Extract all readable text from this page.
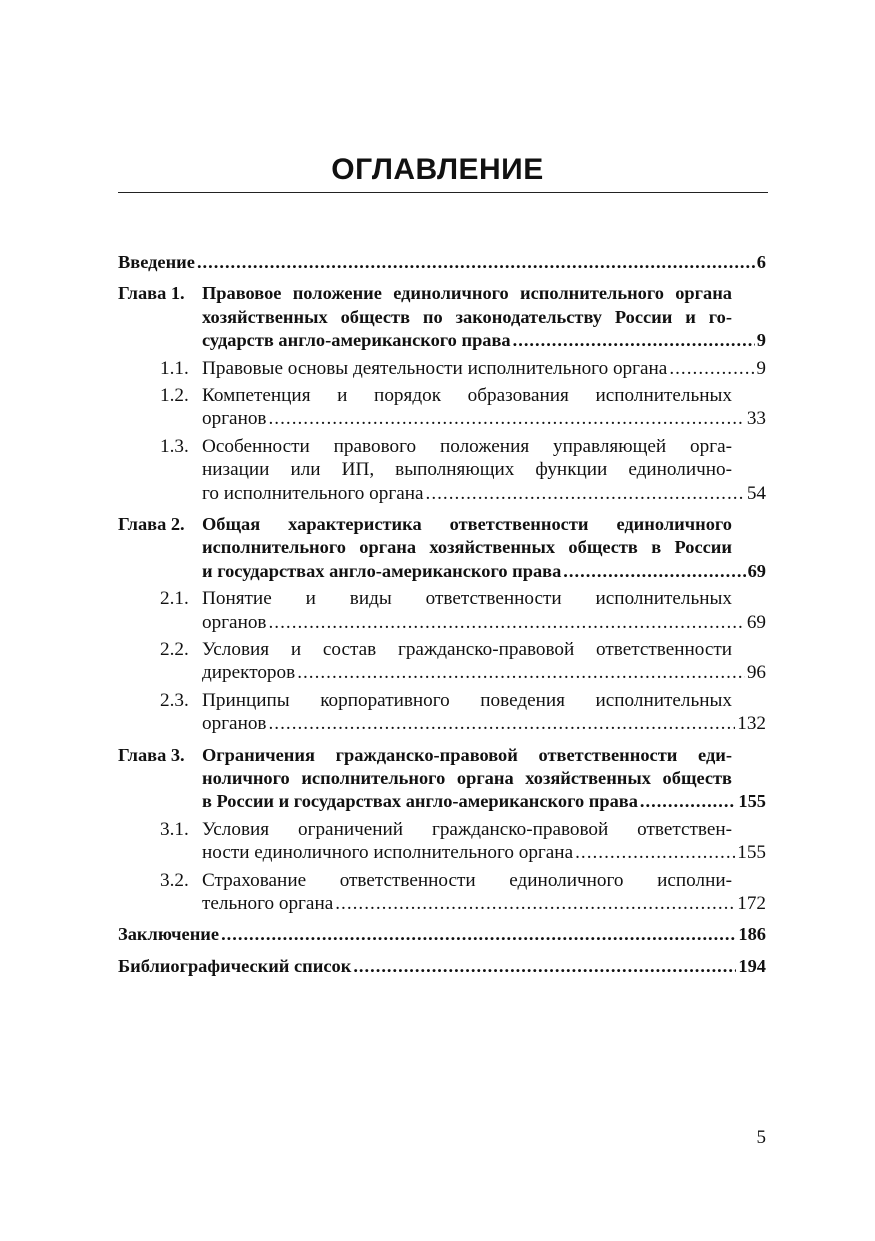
ОГЛАВЛЕНИЕ
Введение .....	6
Глава 1. Правовое положение единоличного исполнительного органа
хозяйственных обществ по законодательству России и го-
сударств англо-американского права .....	9
1.1. Правовые основы деятельности исполнительного органа .....	9
1.2. Компетенция и порядок образования исполнительных
органов .....	33
1.3. Особенности правового положения управляющей орга-
низации или ИП, выполняющих функции единолично-
го исполнительного органа .....	54
Глава 2. Общая характеристика ответственности единоличного
исполнительного органа хозяйственных обществ в России
и государствах англо-американского права .....	69
2.1. Понятие и виды ответственности исполнительных
органов .....	69
2.2. Условия и состав гражданско-правовой ответственности
директоров .....	96
2.3. Принципы корпоративного поведения исполнительных
органов .....	132
Глава 3. Ограничения гражданско-правовой ответственности еди-
ноличного исполнительного органа хозяйственных обществ
в России и государствах англо-американского права .....	155
3.1. Условия ограничений гражданско-правовой ответствен-
ности единоличного исполнительного органа .....	155
3.2. Страхование ответственности единоличного исполни-
тельного органа .....	172
Заключение .....	186
Библиографический список .....	194
5
